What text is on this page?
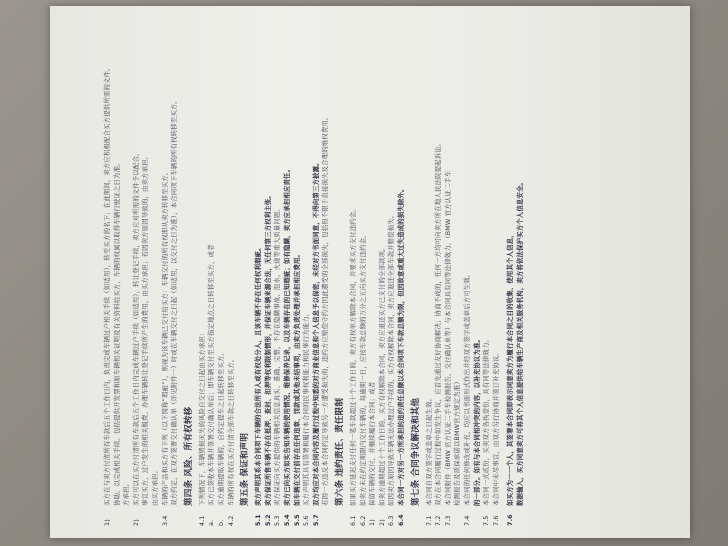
1)买方在与卖方付清所有车款后五个工作日内，负责完成车辆过户相关手续（如适用），转至买方的名下；在此期间，卖方应积极配合买方提供所需的文件。 协助。以完成相关手续。包括提供开发票和原车辆相关证明及有关资料给买方，车辆的权属以取得车辆行驶证之日为准。 方承担。
2)买方可以在买方付清所有车款后五个工作日内完成车辆过户手续（如适用），转让登记手续，卖方应对所需的文件予以配合。 事宜买方，过户发生的相关税费、办理车辆转让登记手续所产生的费用，由买方承担；若因卖方原因导致的，由卖方承担。 由买方承担。
3.4车辆的产品和买方有下列（以下简称“瑕疵”），则视为该车辆已交付给买方：车辆交付的所有权即从卖方转移至买方。 双方约定，在双方签署交付确认单（详见附件一）时或在车辆交付之日起（如适用，以交付之日为准），本合同项下车辆的所有权转移至买方。 第四条 风险、所有权转移
4.1下列情况下，车辆毁损灭失的风险自交付之日起由买方承担：
a.买方已签收本车辆并签署交付确认单后；即车辆交付至买方指定地点之日转移至买方，或者
b.买方逾期提取车辆的，自约定提车之日起转移至买方。
4.2车辆的所有权在买方付清全部车款之日转移至买方。 第五条 保证和声明
5.1卖方声明其系本合同项下车辆的合法所有人或有权处分人，且该车辆不存在任何权利瑕疵。
5.2卖方保证所售车辆不存在抵押、查封、扣押等权利限制情形，并保证车辆来源合法，无任何第三方权利主张。
5.3卖方保证向买方提供的车辆相关信息真实、准确、完整，不存在隐瞒事故、泡水、火烧等重大质量问题。
5.4卖方已向买方如实告知车辆的使用情况、维修保养记录，以及车辆存在的已知瑕疵；如有隐瞒，卖方应承担相应责任。
5.5如车辆在交付前存在任何违章、罚款或其他未结事项，由卖方负责处理并承担相应费用。
5.6买方声明其具有签署和履行本合同的民事权利能力和民事行为能力。
5.7双方均应对本合同内容及履行过程中知悉的对方商业信息和个人信息予以保密，未经对方书面同意，不得向第三方披露。 若因一方违反本合同约定导致另一方遭受损失的，违约方应赔偿守约方因此遭受的全部损失，包括但不限于直接损失及合理的维权费用。 第六条 违约责任、责任限制
6.1如果买方延迟支付任何一笔车款超过十个工作日的，卖方有权单方解除本合同，并要求买方支付违约金。
6.2如卖方未在约定期限内交付车辆的，每逾期一日，应按车款总额的万分之五向买方支付违约金。
1)保留车辆的交付，并继续履行本合同；或者
2)如卖方逾期超过十个工作日的，买方有权解除本合同，卖方应退还买方已支付的全部款项。
6.3如因卖方原因导致车辆无法办理过户手续的，买方有权解除本合同，卖方应退还全部车款并赔偿损失。
6.4本合同一方对另一方所承担的违约责任总额以本合同项下车款总额为限，但因故意或重大过失造成的损失除外。 第七条 合同争议解决和其他
7.1本合同自双方签字或盖章之日起生效。
7.2双方在本合同履行过程中如发生争议，应首先通过友好协商解决；协商不成的，任何一方均可向卖方所在地人民法院提起诉讼。
7.3本合同附件（BMW 官方认证二手车检测报告、交付确认单等）与本合同具有同等法律效力。（BMW 官方认证二手车 检测报告及质保承诺以BMW官方规定为准）
7.4本合同的任何修改或补充，均应以书面形式作出并经双方签字或盖章后方可生效。 的一部分。如有与本合同相冲突的内容，以补充协议为准。
7.5本合同一式贰份，买卖双方各执壹份，具有同等法律效力。
7.6本合同中未尽事宜，由双方另行协商并签订补充协议。
7.6如买方为一一个人，其签署本合同即表示同意卖方为履行本合同之目的收集、使用其个人信息， 数据输入，买方同意卖方可将其个人信息提供给车辆生产商及相关服务机构，卖方将依法保护买方个人信息安全。
